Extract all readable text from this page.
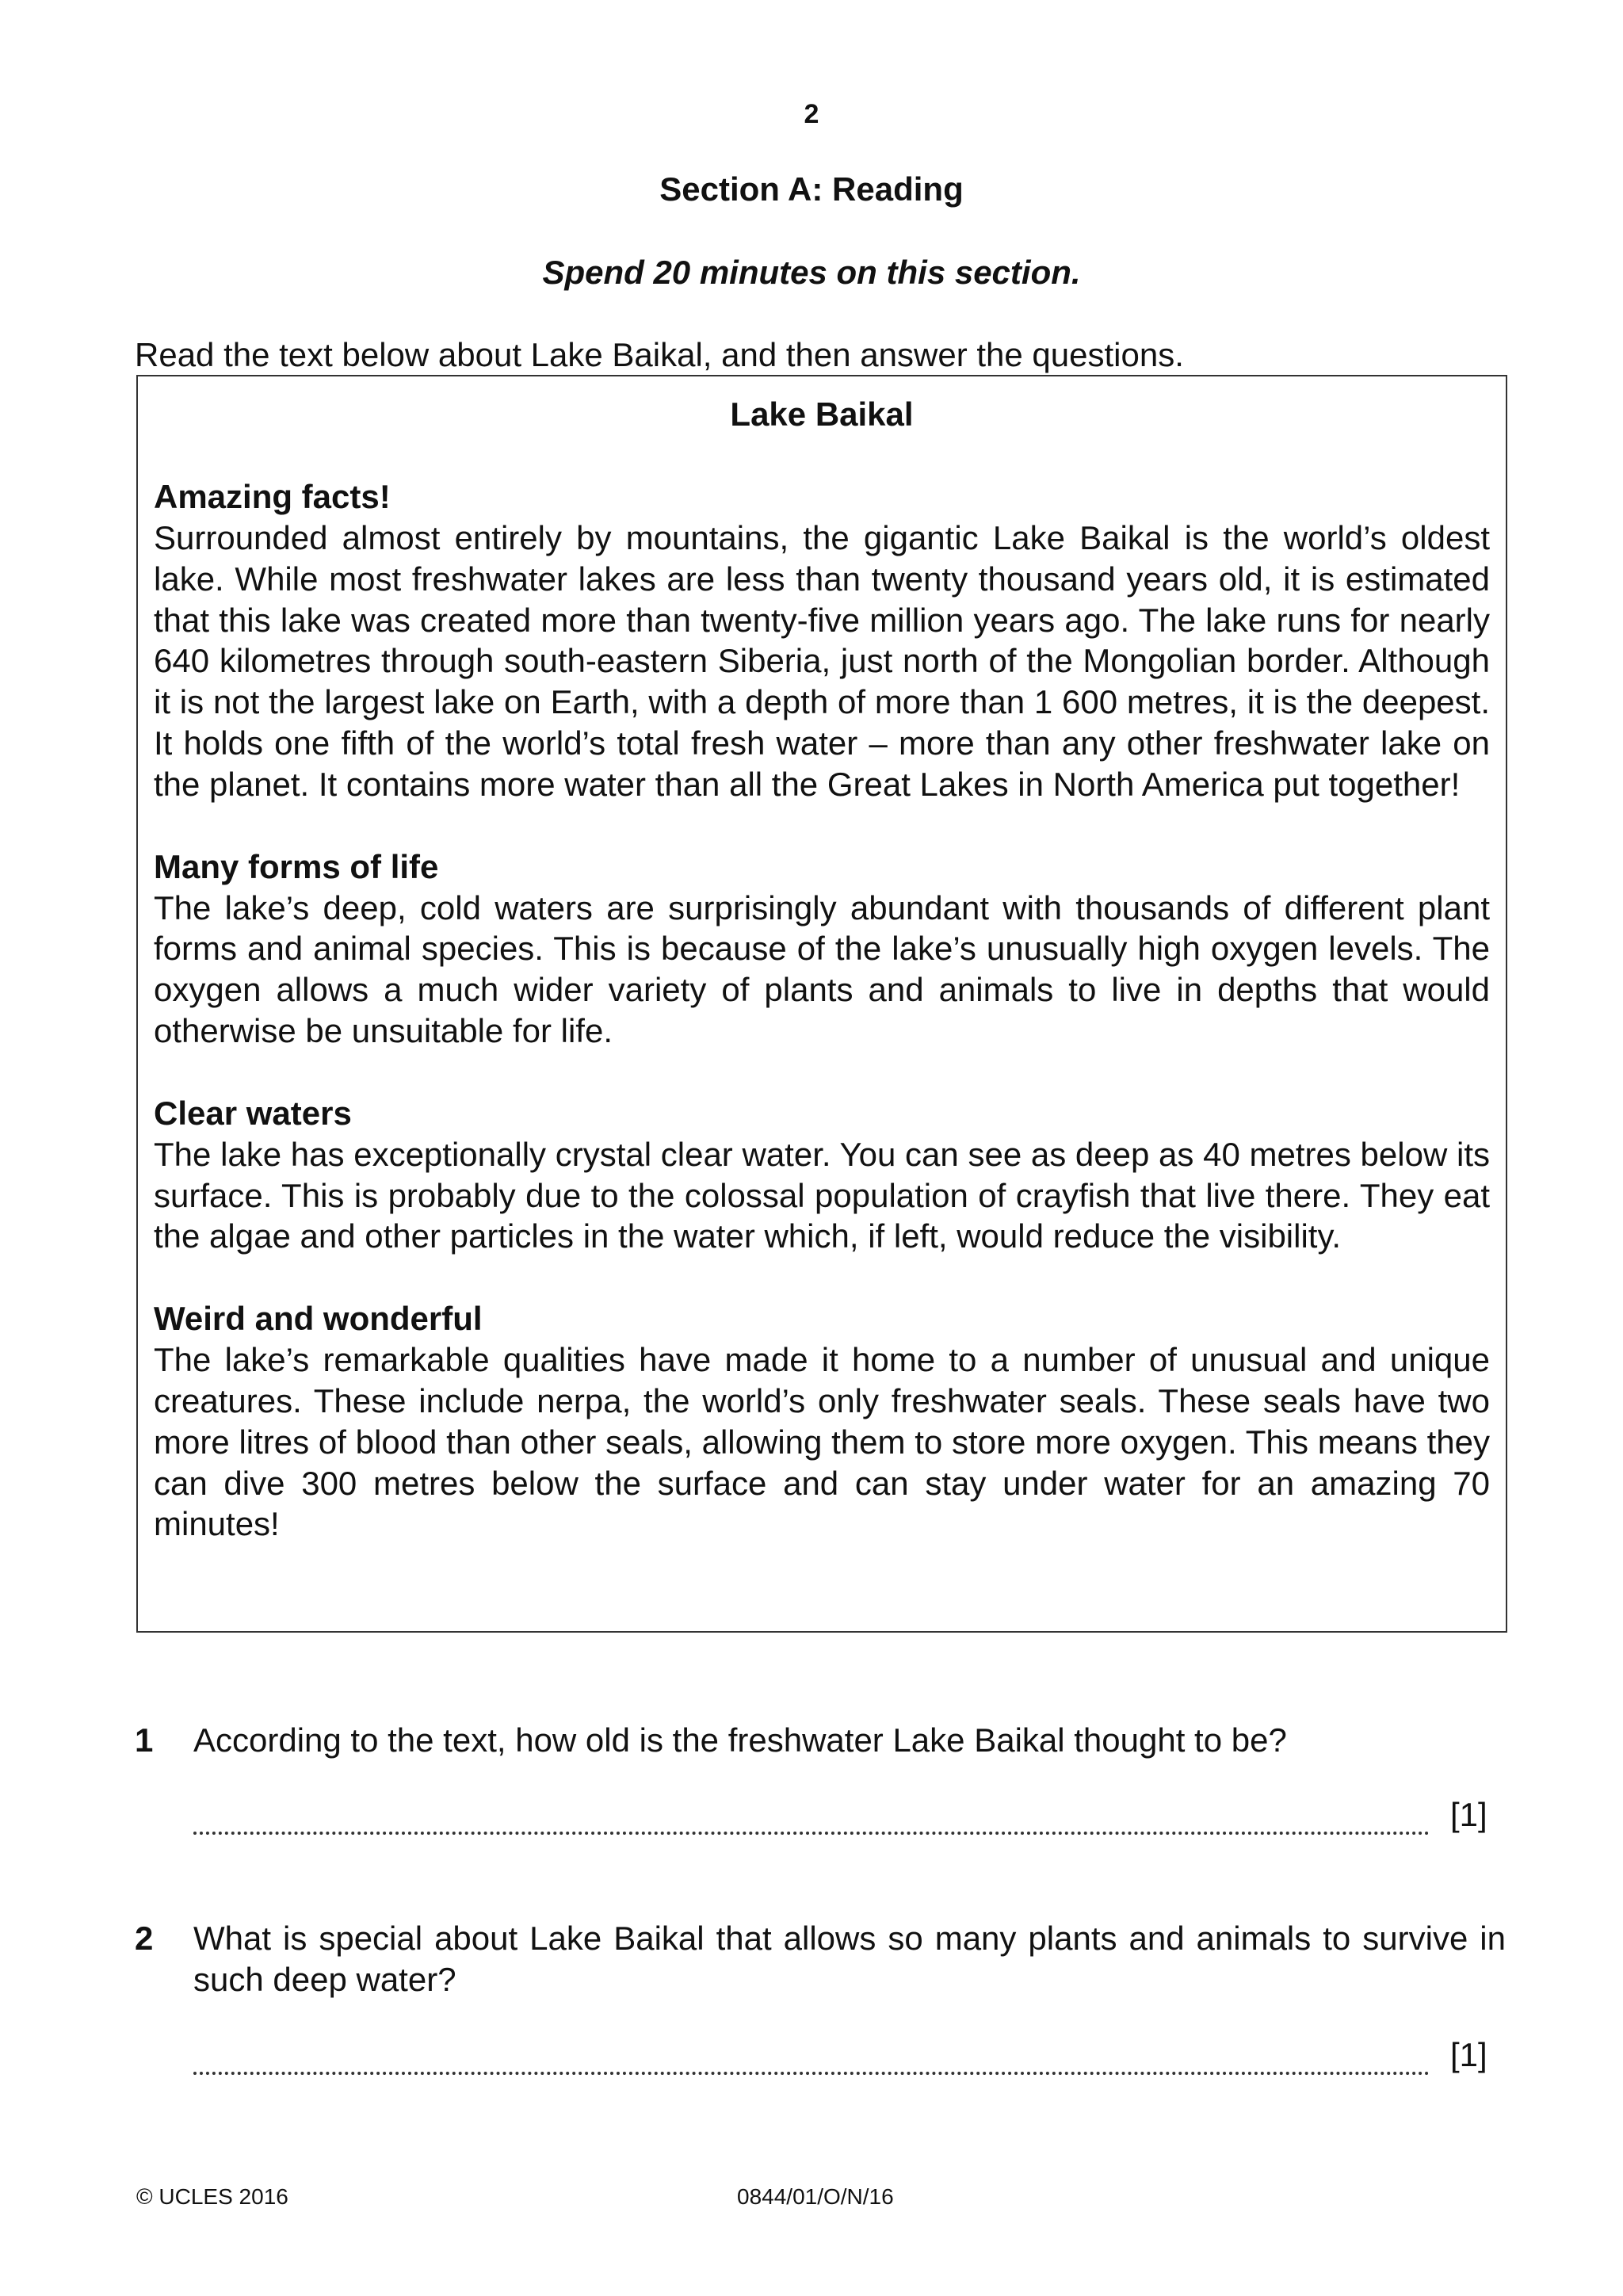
2
Section A: Reading
Spend 20 minutes on this section.
Read the text below about Lake Baikal, and then answer the questions.
Lake Baikal

Amazing facts!

Surrounded almost entirely by mountains, the gigantic Lake Baikal is the world’s oldest lake. While most freshwater lakes are less than twenty thousand years old, it is estimated that this lake was created more than twenty-five million years ago. The lake runs for nearly 640 kilometres through south-eastern Siberia, just north of the Mongolian border. Although it is not the largest lake on Earth, with a depth of more than 1 600 metres, it is the deepest. It holds one fifth of the world’s total fresh water – more than any other freshwater lake on the planet. It contains more water than all the Great Lakes in North America put together!

Many forms of life

The lake’s deep, cold waters are surprisingly abundant with thousands of different plant forms and animal species. This is because of the lake’s unusually high oxygen levels. The oxygen allows a much wider variety of plants and animals to live in depths that would otherwise be unsuitable for life.

Clear waters

The lake has exceptionally crystal clear water. You can see as deep as 40 metres below its surface. This is probably due to the colossal population of crayfish that live there. They eat the algae and other particles in the water which, if left, would reduce the visibility.

Weird and wonderful

The lake’s remarkable qualities have made it home to a number of unusual and unique creatures. These include nerpa, the world’s only freshwater seals. These seals have two more litres of blood than other seals, allowing them to store more oxygen. This means they can dive 300 metres below the surface and can stay under water for an amazing 70 minutes!

1 According to the text, how old is the freshwater Lake Baikal thought to be?
[1]
2 What is special about Lake Baikal that allows so many plants and animals to survive in such deep water?
[1]
© UCLES 2016	0844/01/O/N/16
